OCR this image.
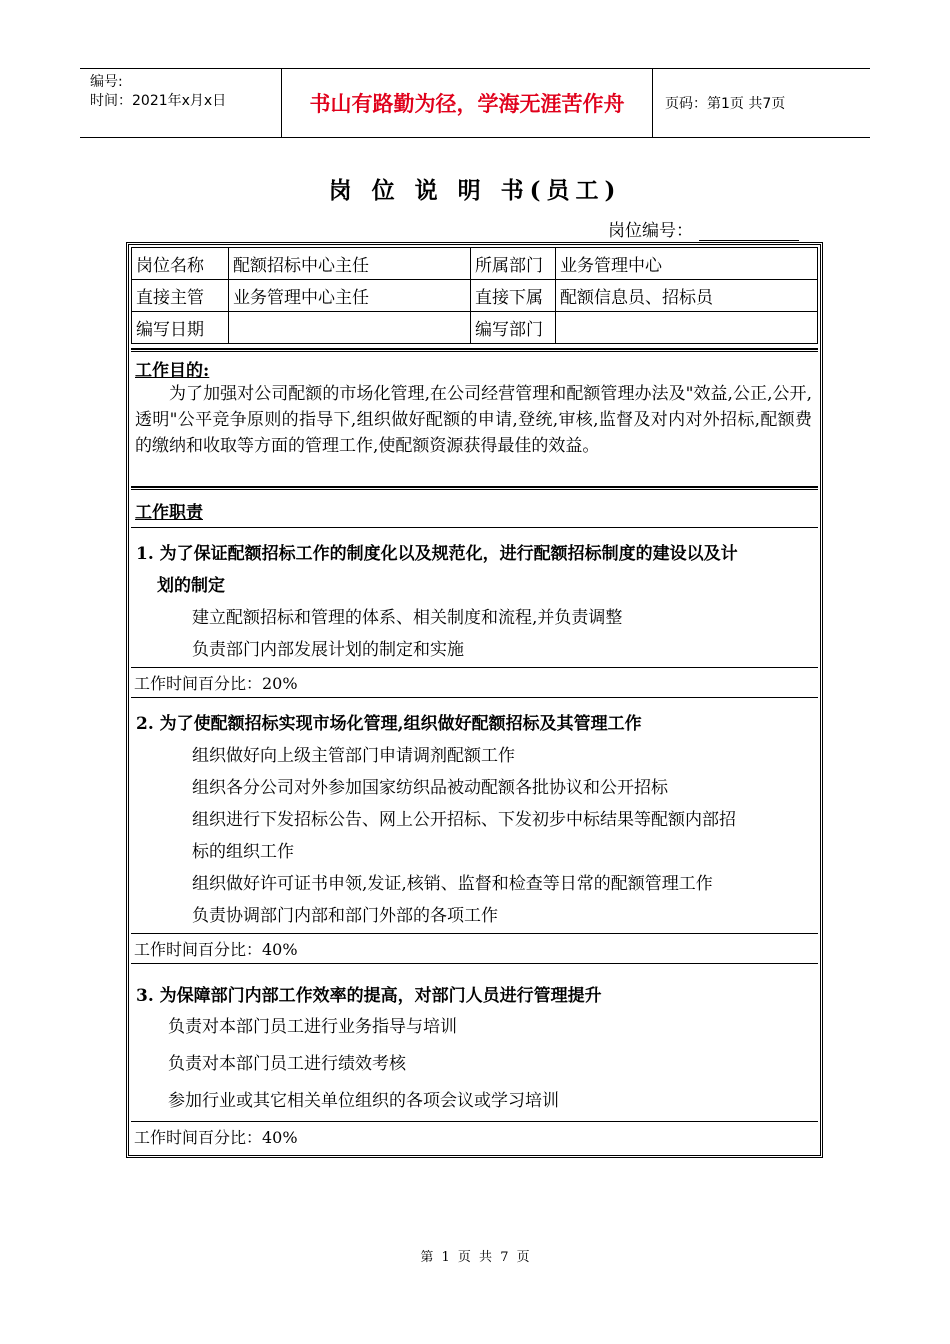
编号:
时间：2021年x月x日	书山有路勤为径，学海无涯苦作舟	页码：第1页 共7页
岗 位 说 明 书(员工)
岗位编号：
岗位名称	配额招标中心主任	所属部门	业务管理中心
直接主管	业务管理中心主任	直接下属	配额信息员、招标员
编写日期		编写部门	
工作目的:
为了加强对公司配额的市场化管理,在公司经营管理和配额管理办法及"效益,公正,公开,透明"公平竞争原则的指导下,组织做好配额的申请,登统,审核,监督及对内对外招标,配额费的缴纳和收取等方面的管理工作,使配额资源获得最佳的效益。
工作职责
1. 为了保证配额招标工作的制度化以及规范化，进行配额招标制度的建设以及计
划的制定
建立配额招标和管理的体系、相关制度和流程,并负责调整
负责部门内部发展计划的制定和实施
工作时间百分比：20%
2. 为了使配额招标实现市场化管理,组织做好配额招标及其管理工作
组织做好向上级主管部门申请调剂配额工作
组织各分公司对外参加国家纺织品被动配额各批协议和公开招标
组织进行下发招标公告、网上公开招标、下发初步中标结果等配额内部招
标的组织工作
组织做好许可证书申领,发证,核销、监督和检查等日常的配额管理工作
负责协调部门内部和部门外部的各项工作
工作时间百分比：40%
3. 为保障部门内部工作效率的提高，对部门人员进行管理提升
负责对本部门员工进行业务指导与培训
负责对本部门员工进行绩效考核
参加行业或其它相关单位组织的各项会议或学习培训
工作时间百分比：40%
第 1 页 共 7 页
